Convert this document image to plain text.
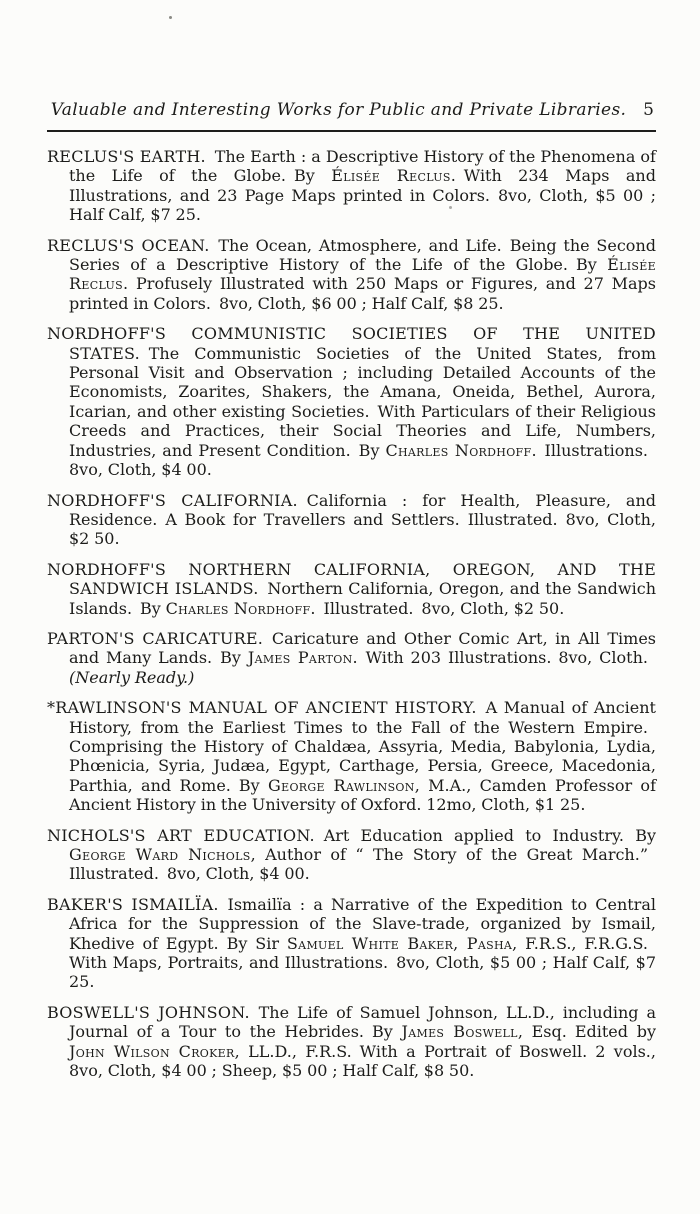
Valuable and Interesting Works for Public and Private Libraries. 5

RECLUS'S EARTH. The Earth : a Descriptive History of the Phenomena of the Life of the Globe. By Élisée Reclus. With 234 Maps and Illustrations, and 23 Page Maps printed in Colors. 8vo, Cloth, $5 00 ; Half Calf, $7 25.

RECLUS'S OCEAN. The Ocean, Atmosphere, and Life. Being the Second Series of a Descriptive History of the Life of the Globe. By Élisée Reclus. Profusely Illustrated with 250 Maps or Figures, and 27 Maps printed in Colors. 8vo, Cloth, $6 00 ; Half Calf, $8 25.

NORDHOFF'S COMMUNISTIC SOCIETIES OF THE UNITED STATES. The Communistic Societies of the United States, from Personal Visit and Observation ; including Detailed Accounts of the Economists, Zoarites, Shakers, the Amana, Oneida, Bethel, Aurora, Icarian, and other existing Societies. With Particulars of their Religious Creeds and Practices, their Social Theories and Life, Numbers, Industries, and Present Condition. By Charles Nordhoff. Illustrations. 8vo, Cloth, $4 00.

NORDHOFF'S CALIFORNIA. California : for Health, Pleasure, and Residence. A Book for Travellers and Settlers. Illustrated. 8vo, Cloth, $2 50.

NORDHOFF'S NORTHERN CALIFORNIA, OREGON, AND THE SANDWICH ISLANDS. Northern California, Oregon, and the Sandwich Islands. By Charles Nordhoff. Illustrated. 8vo, Cloth, $2 50.

PARTON'S CARICATURE. Caricature and Other Comic Art, in All Times and Many Lands. By James Parton. With 203 Illustrations. 8vo, Cloth. (Nearly Ready.)

*RAWLINSON'S MANUAL OF ANCIENT HISTORY. A Manual of Ancient History, from the Earliest Times to the Fall of the Western Empire. Comprising the History of Chaldæa, Assyria, Media, Babylonia, Lydia, Phœnicia, Syria, Judæa, Egypt, Carthage, Persia, Greece, Macedonia, Parthia, and Rome. By George Rawlinson, M.A., Camden Professor of Ancient History in the University of Oxford. 12mo, Cloth, $1 25.

NICHOLS'S ART EDUCATION. Art Education applied to Industry. By George Ward Nichols, Author of “ The Story of the Great March.” Illustrated. 8vo, Cloth, $4 00.

BAKER'S ISMAILÏA. Ismailïa : a Narrative of the Expedition to Central Africa for the Suppression of the Slave-trade, organized by Ismail, Khedive of Egypt. By Sir Samuel White Baker, Pasha, F.R.S., F.R.G.S. With Maps, Portraits, and Illustrations. 8vo, Cloth, $5 00 ; Half Calf, $7 25.

BOSWELL'S JOHNSON. The Life of Samuel Johnson, LL.D., including a Journal of a Tour to the Hebrides. By James Boswell, Esq. Edited by John Wilson Croker, LL.D., F.R.S. With a Portrait of Boswell. 2 vols., 8vo, Cloth, $4 00 ; Sheep, $5 00 ; Half Calf, $8 50.
